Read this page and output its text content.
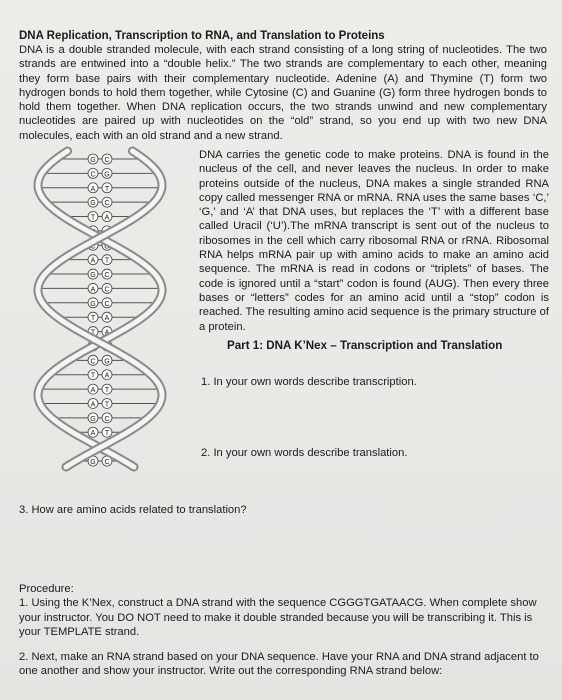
DNA Replication, Transcription to RNA, and Translation to Proteins
DNA is a double stranded molecule, with each strand consisting of a long string of nucleotides. The two strands are entwined into a “double helix.” The two strands are complementary to each other, meaning they form base pairs with their complementary nucleotide. Adenine (A) and Thymine (T) form two hydrogen bonds to hold them together, while Cytosine (C) and Guanine (G) form three hydrogen bonds to hold them together. When DNA replication occurs, the two strands unwind and new complementary nucleotides are paired up with nucleotides on the “old” strand, so you end up with two new DNA molecules, each with an old strand and a new strand.
G C
C G
A T
G C
T A
T A
C G
A T
G C
A C
G C
T A
T A
C G
C G
T A
A T
A T
G C
A T
G C
DNA carries the genetic code to make proteins. DNA is found in the nucleus of the cell, and never leaves the nucleus. In order to make proteins outside of the nucleus, DNA makes a single stranded RNA copy called messenger RNA or mRNA. RNA uses the same bases ‘C,’ ‘G,’ and ‘A’ that DNA uses, but replaces the ‘T’ with a different base called Uracil (‘U’).The mRNA transcript is sent out of the nucleus to ribosomes in the cell which carry ribosomal RNA or rRNA. Ribosomal RNA helps mRNA pair up with amino acids to make an amino acid sequence. The mRNA is read in codons or “triplets” of bases. The code is ignored until a “start” codon is found (AUG). Then every three bases or “letters” codes for an amino acid until a “stop” codon is reached. The resulting amino acid sequence is the primary structure of a protein.
Part 1: DNA K’Nex – Transcription and Translation
1. In your own words describe transcription.
2. In your own words describe translation.
3. How are amino acids related to translation?
Procedure:
1. Using the K’Nex, construct a DNA strand with the sequence CGGGTGATAACG. When complete show your instructor. You DO NOT need to make it double stranded because you will be transcribing it. This is your TEMPLATE strand.
2. Next, make an RNA strand based on your DNA sequence. Have your RNA and DNA strand adjacent to one another and show your instructor. Write out the corresponding RNA strand below:
